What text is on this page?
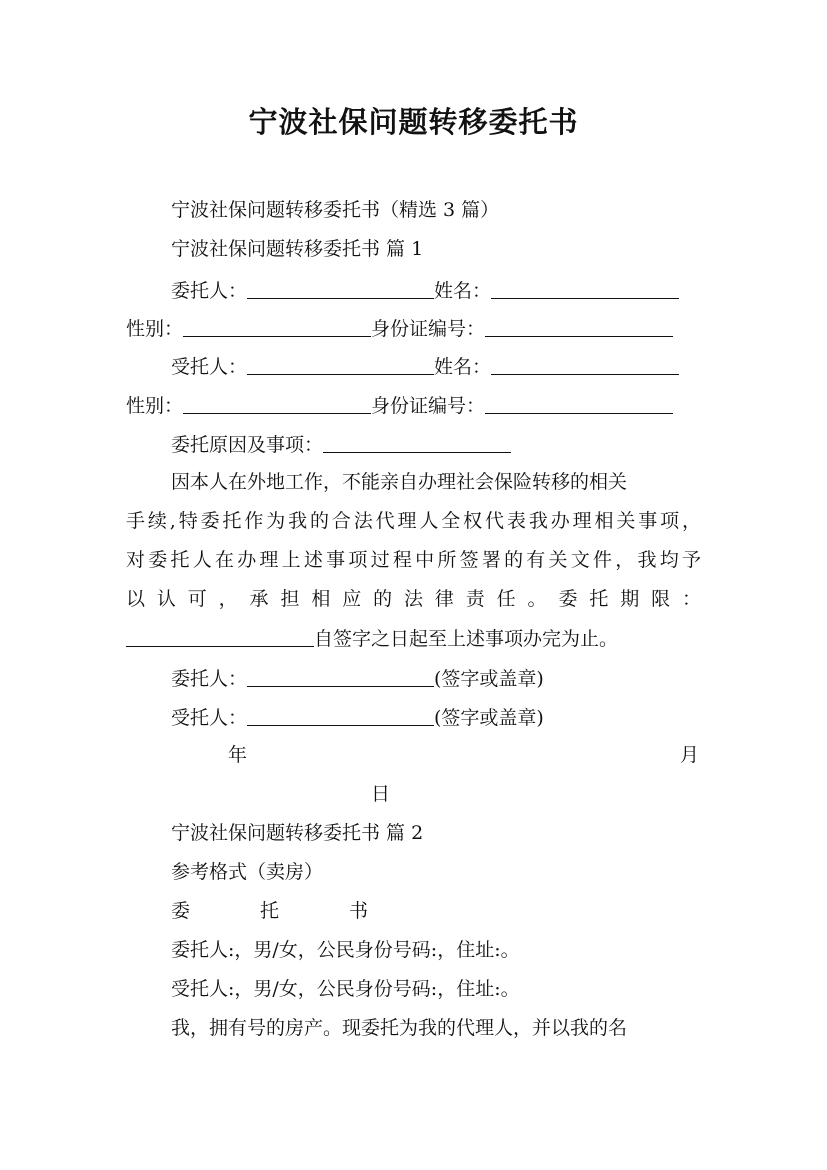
宁波社保问题转移委托书
宁波社保问题转移委托书（精选 3 篇）
宁波社保问题转移委托书 篇 1
委托人：	姓名：
性别：	身份证编号：
受托人：	姓名：
性别：	身份证编号：
委托原因及事项：
因本人在外地工作，不能亲自办理社会保险转移的相关
手续,特委托作为我的合法代理人全权代表我办理相关事项，
对委托人在办理上述事项过程中所签署的有关文件，我均予
以 认 可 ， 承 担 相 应 的 法 律 责 任 。 委 托 期 限 ：
自签字之日起至上述事项办完为止。
委托人：	(签字或盖章)
受托人：	(签字或盖章)
年	月
日
宁波社保问题转移委托书 篇 2
参考格式（卖房）
委	托	书
委托人:，男/女，公民身份号码:，住址:。
受托人:，男/女，公民身份号码:，住址:。
我，拥有号的房产。现委托为我的代理人，并以我的名
